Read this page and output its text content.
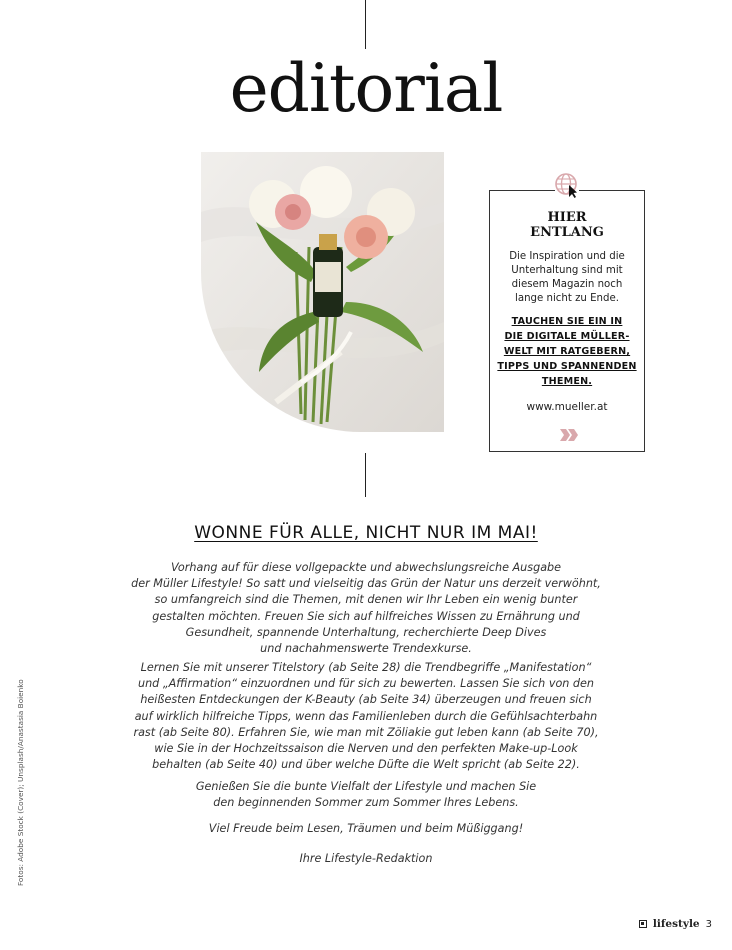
editorial
HIER
ENTLANG
Die Inspiration und die
Unterhaltung sind mit
diesem Magazin noch
lange nicht zu Ende.
TAUCHEN SIE EIN IN
DIE DIGITALE MÜLLER-
WELT MIT RATGEBERN,
TIPPS UND SPANNENDEN
THEMEN.
www.mueller.at
WONNE FÜR ALLE, NICHT NUR IM MAI!
Vorhang auf für diese vollgepackte und abwechslungsreiche Ausgabe
der Müller Lifestyle! So satt und vielseitig das Grün der Natur uns derzeit verwöhnt,
so umfangreich sind die Themen, mit denen wir Ihr Leben ein wenig bunter
gestalten möchten. Freuen Sie sich auf hilfreiches Wissen zu Ernährung und
Gesundheit, spannende Unterhaltung, recherchierte Deep Dives
und nachahmenswerte Trendexkurse.
Lernen Sie mit unserer Titelstory (ab Seite 28) die Trendbegriffe „Manifestation“
und „Affirmation“ einzuordnen und für sich zu bewerten. Lassen Sie sich von den
heißesten Entdeckungen der K-Beauty (ab Seite 34) überzeugen und freuen sich
auf wirklich hilfreiche Tipps, wenn das Familienleben durch die Gefühlsachterbahn
rast (ab Seite 80). Erfahren Sie, wie man mit Zöliakie gut leben kann (ab Seite 70),
wie Sie in der Hochzeitssaison die Nerven und den perfekten Make-up-Look
behalten (ab Seite 40) und über welche Düfte die Welt spricht (ab Seite 22).
Genießen Sie die bunte Vielfalt der Lifestyle und machen Sie
den beginnenden Sommer zum Sommer Ihres Lebens.
Viel Freude beim Lesen, Träumen und beim Müßiggang!
Ihre Lifestyle-Redaktion
Fotos: Adobe Stock (Cover); Unsplash/Anastasia Boienko
lifestyle 3
